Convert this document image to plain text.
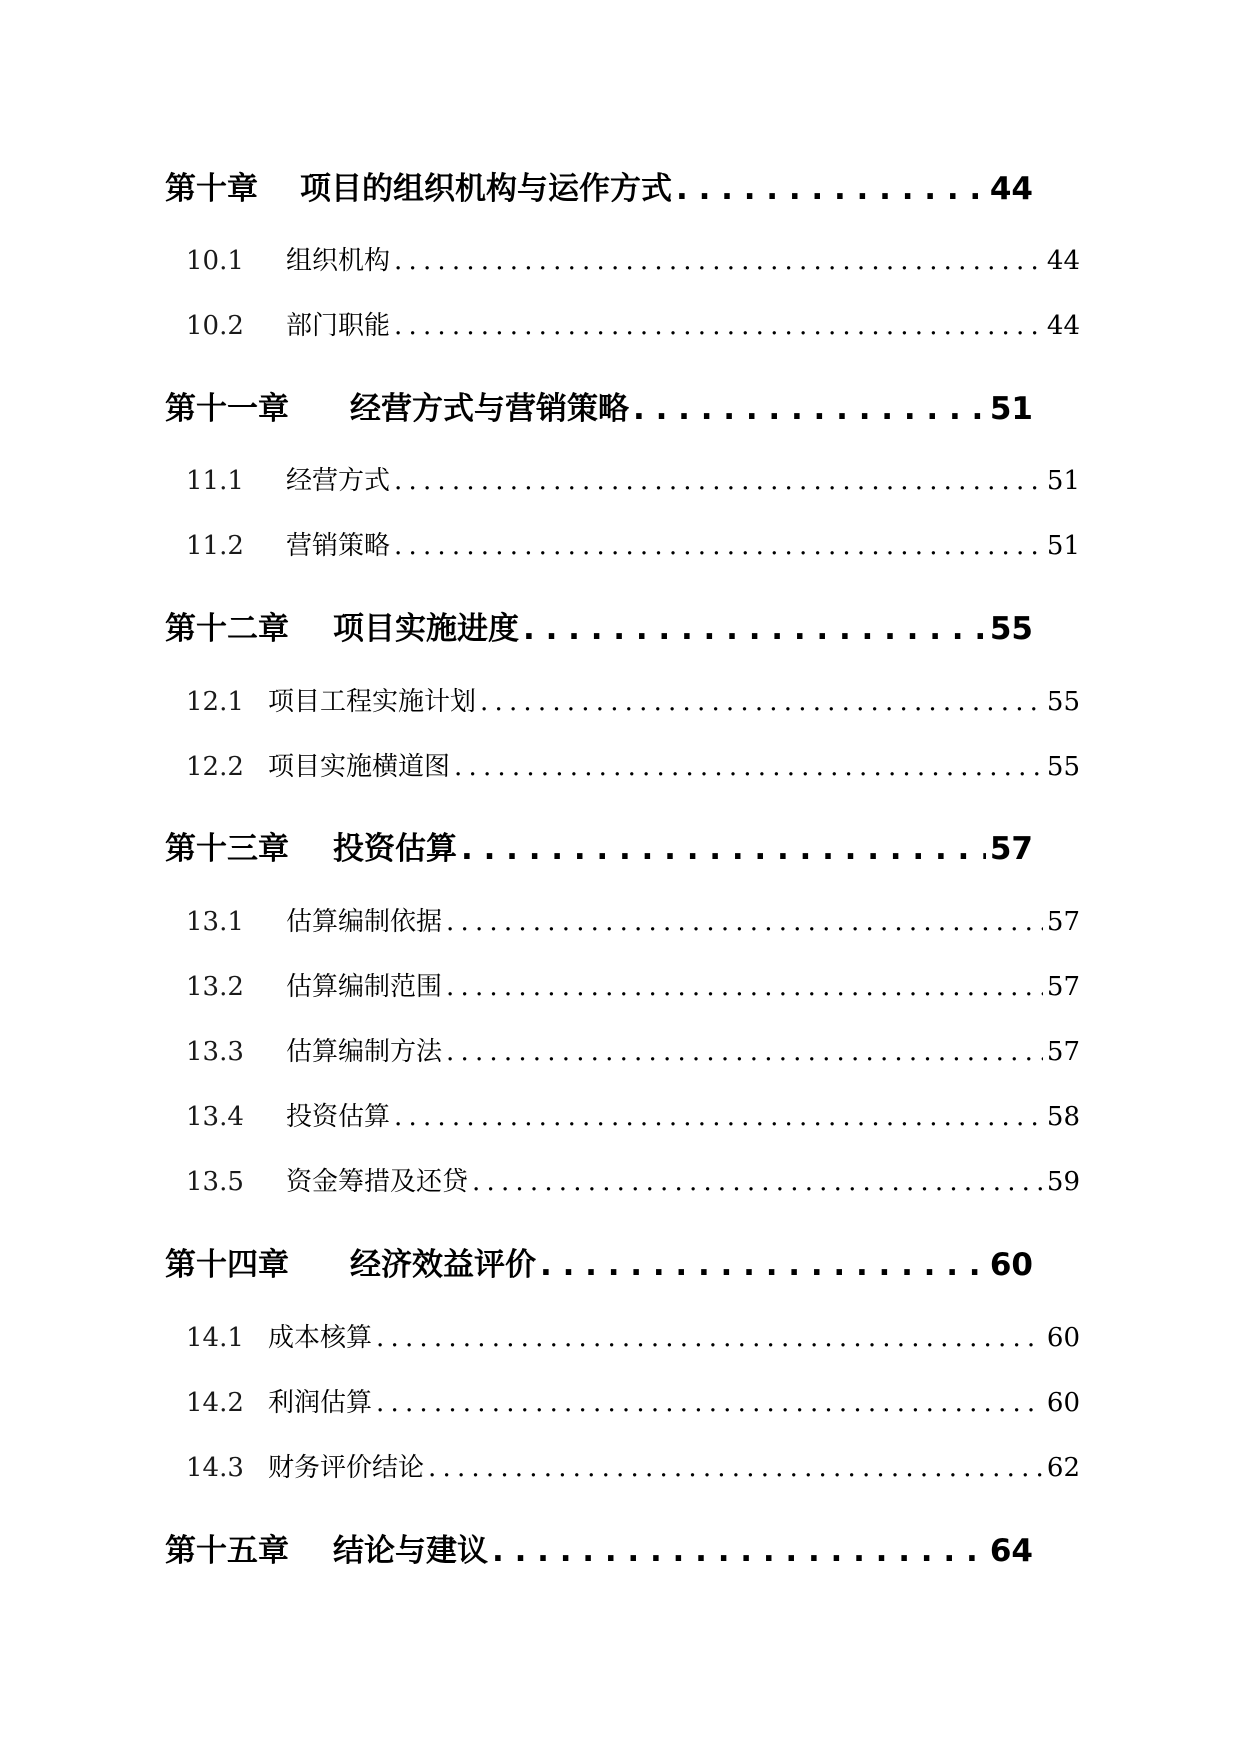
第十章	项目的组织机构与运作方式 . . .	44
10.1	组织机构 .....	44
10.2	部门职能 .....	44
第十一章	经营方式与营销策略 . . .	51
11.1	经营方式 .....	51
11.2	营销策略 .....	51
第十二章	项目实施进度 . . .	55
12.1 项目工程实施计划 .....	55
12.2 项目实施横道图 .....	55
第十三章	投资估算 . . .	57
13.1	估算编制依据 .....	57
13.2	估算编制范围 .....	57
13.3	估算编制方法 .....	57
13.4	投资估算 .....	58
13.5	资金筹措及还贷 .....	59
第十四章	经济效益评价 . . .	60
14.1 成本核算 .....	60
14.2 利润估算 .....	60
14.3 财务评价结论 .....	62
第十五章	结论与建议 . . .	64
